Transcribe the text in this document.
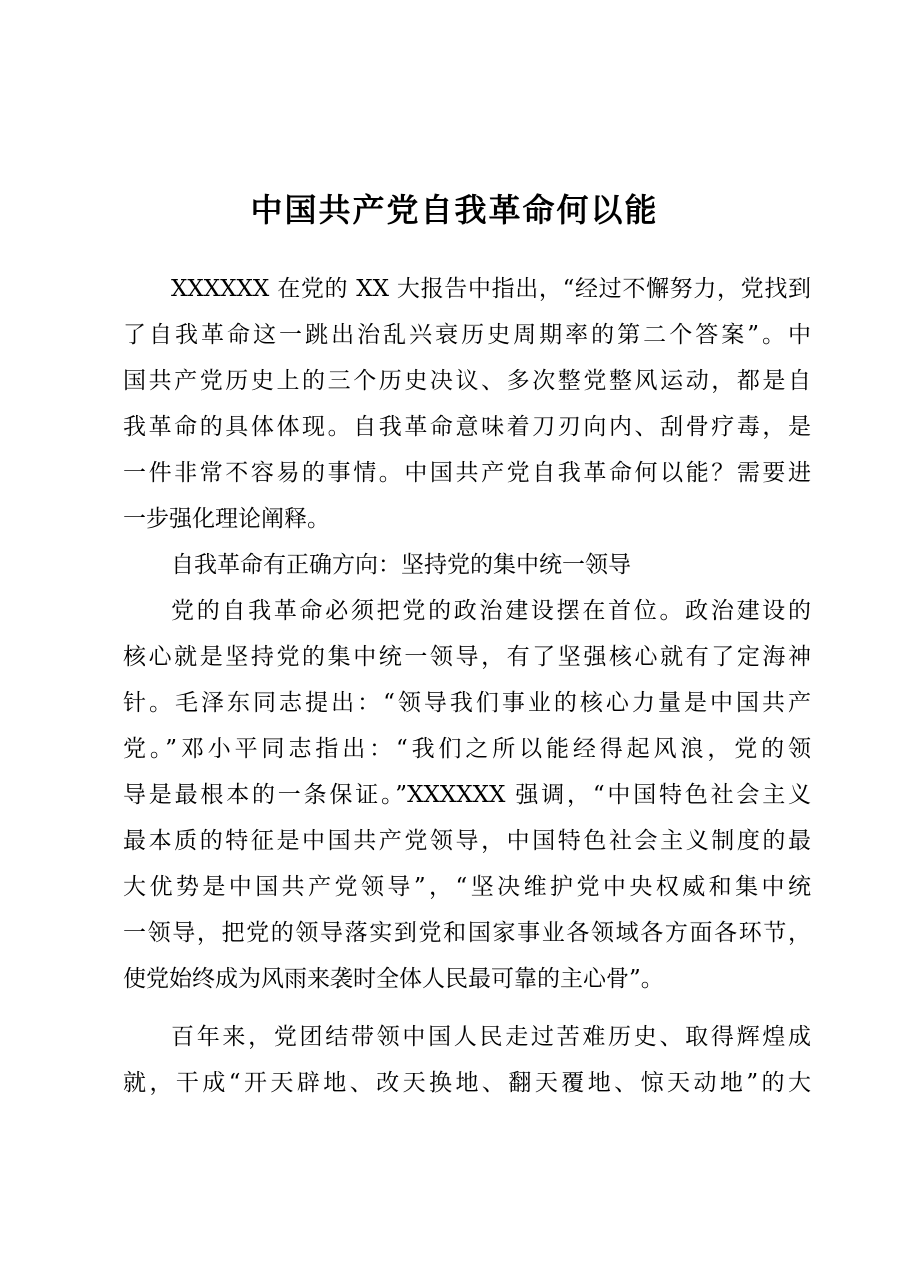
中国共产党自我革命何以能
XXXXXX 在党的 XX 大报告中指出，“经过不懈努力，党找到
了自我革命这一跳出治乱兴衰历史周期率的第二个答案”。中
国共产党历史上的三个历史决议、多次整党整风运动，都是自
我革命的具体体现。自我革命意味着刀刃向内、刮骨疗毒，是
一件非常不容易的事情。中国共产党自我革命何以能？需要进
一步强化理论阐释。
自我革命有正确方向：坚持党的集中统一领导
党的自我革命必须把党的政治建设摆在首位。政治建设的
核心就是坚持党的集中统一领导，有了坚强核心就有了定海神
针。毛泽东同志提出：“领导我们事业的核心力量是中国共产
党。”邓小平同志指出：“我们之所以能经得起风浪，党的领
导是最根本的一条保证。”XXXXXX 强调，“中国特色社会主义
最本质的特征是中国共产党领导，中国特色社会主义制度的最
大优势是中国共产党领导”，“坚决维护党中央权威和集中统
一领导，把党的领导落实到党和国家事业各领域各方面各环节，
使党始终成为风雨来袭时全体人民最可靠的主心骨”。
百年来，党团结带领中国人民走过苦难历史、取得辉煌成
就，干成“开天辟地、改天换地、翻天覆地、惊天动地”的大
